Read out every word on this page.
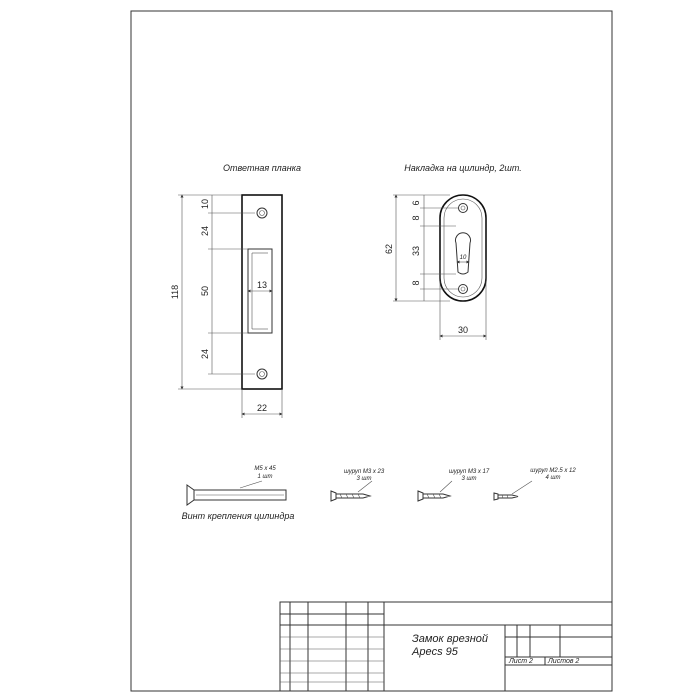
Ответная планка
10
24
50
24
118	13
22
Накладка на цилиндр, 2шт.
10
6
8
33
8
62
30
M5 x 45
1 шт
Винт крепления цилиндра
шуруп М3 x 23
3 шт
шуруп М3 x 17
3 шт
шуруп М2.5 x 12
4 шт
Замок врезной
Apecs 95
Лист 2 Листов 2
